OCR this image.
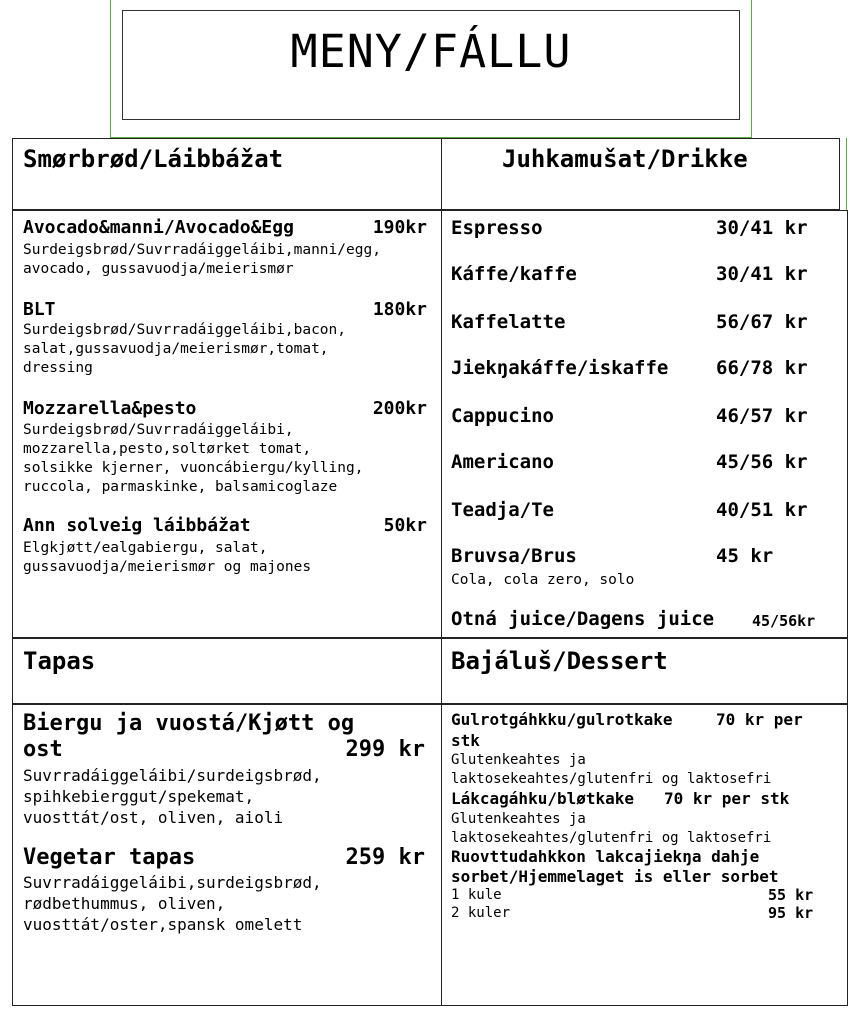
MENY/FÁLLU
Smørbrød/Láibbážat	Juhkamušat/Drikke
Avocado&manni/Avocado&Egg	190kr
Surdeigsbrød/Suvrradáiggeláibi,manni/egg,
avocado, gussavuodja/meierismør
BLT	180kr
Surdeigsbrød/Suvrradáiggeláibi,bacon,
salat,gussavuodja/meierismør,tomat,
dressing
Mozzarella&pesto	200kr
Surdeigsbrød/Suvrradáiggeláibi,
mozzarella,pesto,soltørket tomat,
solsikke kjerner, vuoncábiergu/kylling,
ruccola, parmaskinke, balsamicoglaze
Ann solveig láibbážat	50kr
Elgkjøtt/ealgabiergu, salat,
gussavuodja/meierismør og majones
Espresso	30/41 kr
Káffe/kaffe	30/41 kr
Kaffelatte	56/67 kr
Jiekŋakáffe/iskaffe	66/78 kr
Cappucino	46/57 kr
Americano	45/56 kr
Teadja/Te	40/51 kr
Bruvsa/Brus	45 kr
Cola, cola zero, solo
Otná juice/Dagens juice	45/56kr
Tapas	Bajáluš/Dessert
Biergu ja vuostá/Kjøtt og
ost	299 kr
Suvrradáiggeláibi/surdeigsbrød,
spihkebierggut/spekemat,
vuosttát/ost, oliven, aioli
Vegetar tapas	259 kr
Suvrradáiggeláibi,surdeigsbrød,
rødbethummus, oliven,
vuosttát/oster,spansk omelett
Gulrotgáhkku/gulrotkake	70 kr per
stk
Glutenkeahtes ja
laktosekeahtes/glutenfri og laktosefri
Lákcagáhku/bløtkake 70 kr per stk
Glutenkeahtes ja
laktosekeahtes/glutenfri og laktosefri
Ruovttudahkkon lakcajiekŋa dahje
sorbet/Hjemmelaget is eller sorbet
1 kule	55 kr
2 kuler	95 kr
